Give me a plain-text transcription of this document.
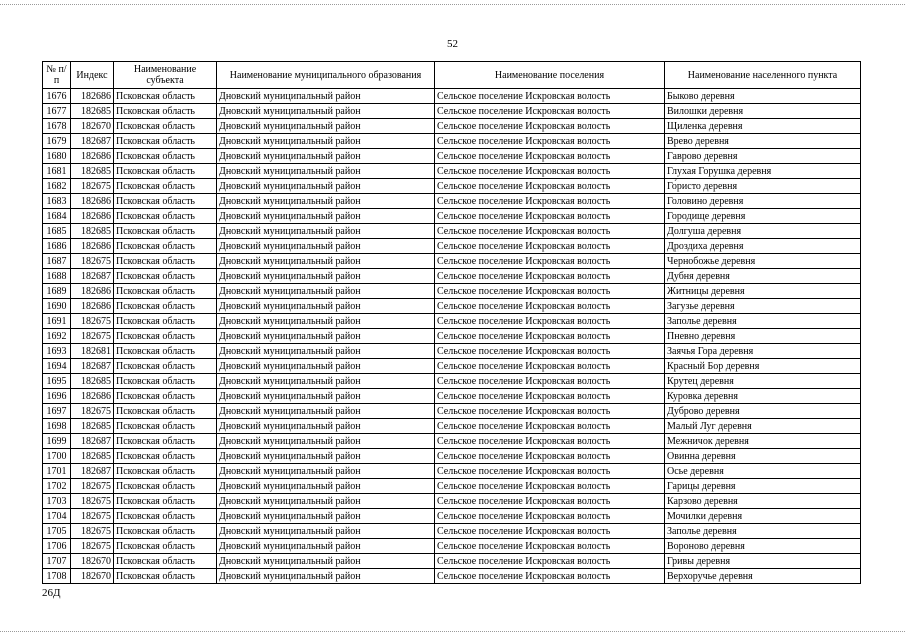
52
№ п/п	Индекс	Наименование субъекта	Наименование муниципального образования	Наименование поселения	Наименование населенного пункта
1676	182686	Псковская область	Дновский муниципальный район	Сельское поселение Искровская волость	Быково деревня
1677	182685	Псковская область	Дновский муниципальный район	Сельское поселение Искровская волость	Вилошки деревня
1678	182670	Псковская область	Дновский муниципальный район	Сельское поселение Искровская волость	Щиленка деревня
1679	182687	Псковская область	Дновский муниципальный район	Сельское поселение Искровская волость	Врево деревня
1680	182686	Псковская область	Дновский муниципальный район	Сельское поселение Искровская волость	Гаврово деревня
1681	182685	Псковская область	Дновский муниципальный район	Сельское поселение Искровская волость	Глухая Горушка деревня
1682	182675	Псковская область	Дновский муниципальный район	Сельское поселение Искровская волость	Го́ристо деревня
1683	182686	Псковская область	Дновский муниципальный район	Сельское поселение Искровская волость	Головино деревня
1684	182686	Псковская область	Дновский муниципальный район	Сельское поселение Искровская волость	Городище деревня
1685	182685	Псковская область	Дновский муниципальный район	Сельское поселение Искровская волость	Долгуша деревня
1686	182686	Псковская область	Дновский муниципальный район	Сельское поселение Искровская волость	Дроздиха деревня
1687	182675	Псковская область	Дновский муниципальный район	Сельское поселение Искровская волость	Чернобожье деревня
1688	182687	Псковская область	Дновский муниципальный район	Сельское поселение Искровская волость	Дубня деревня
1689	182686	Псковская область	Дновский муниципальный район	Сельское поселение Искровская волость	Житницы деревня
1690	182686	Псковская область	Дновский муниципальный район	Сельское поселение Искровская волость	Загузье деревня
1691	182675	Псковская область	Дновский муниципальный район	Сельское поселение Искровская волость	Заполье деревня
1692	182675	Псковская область	Дновский муниципальный район	Сельское поселение Искровская волость	Пневно деревня
1693	182681	Псковская область	Дновский муниципальный район	Сельское поселение Искровская волость	Заячья Гора деревня
1694	182687	Псковская область	Дновский муниципальный район	Сельское поселение Искровская волость	Красный Бор деревня
1695	182685	Псковская область	Дновский муниципальный район	Сельское поселение Искровская волость	Крутец деревня
1696	182686	Псковская область	Дновский муниципальный район	Сельское поселение Искровская волость	Куровка деревня
1697	182675	Псковская область	Дновский муниципальный район	Сельское поселение Искровская волость	Дуброво деревня
1698	182685	Псковская область	Дновский муниципальный район	Сельское поселение Искровская волость	Малый Луг деревня
1699	182687	Псковская область	Дновский муниципальный район	Сельское поселение Искровская волость	Межничок деревня
1700	182685	Псковская область	Дновский муниципальный район	Сельское поселение Искровская волость	Овинна деревня
1701	182687	Псковская область	Дновский муниципальный район	Сельское поселение Искровская волость	Осье деревня
1702	182675	Псковская область	Дновский муниципальный район	Сельское поселение Искровская волость	Гарицы деревня
1703	182675	Псковская область	Дновский муниципальный район	Сельское поселение Искровская волость	Карзово деревня
1704	182675	Псковская область	Дновский муниципальный район	Сельское поселение Искровская волость	Мочилки деревня
1705	182675	Псковская область	Дновский муниципальный район	Сельское поселение Искровская волость	Заполье деревня
1706	182675	Псковская область	Дновский муниципальный район	Сельское поселение Искровская волость	Вороново деревня
1707	182670	Псковская область	Дновский муниципальный район	Сельское поселение Искровская волость	Гривы деревня
1708	182670	Псковская область	Дновский муниципальный район	Сельское поселение Искровская волость	Верхоручье деревня
26Д
